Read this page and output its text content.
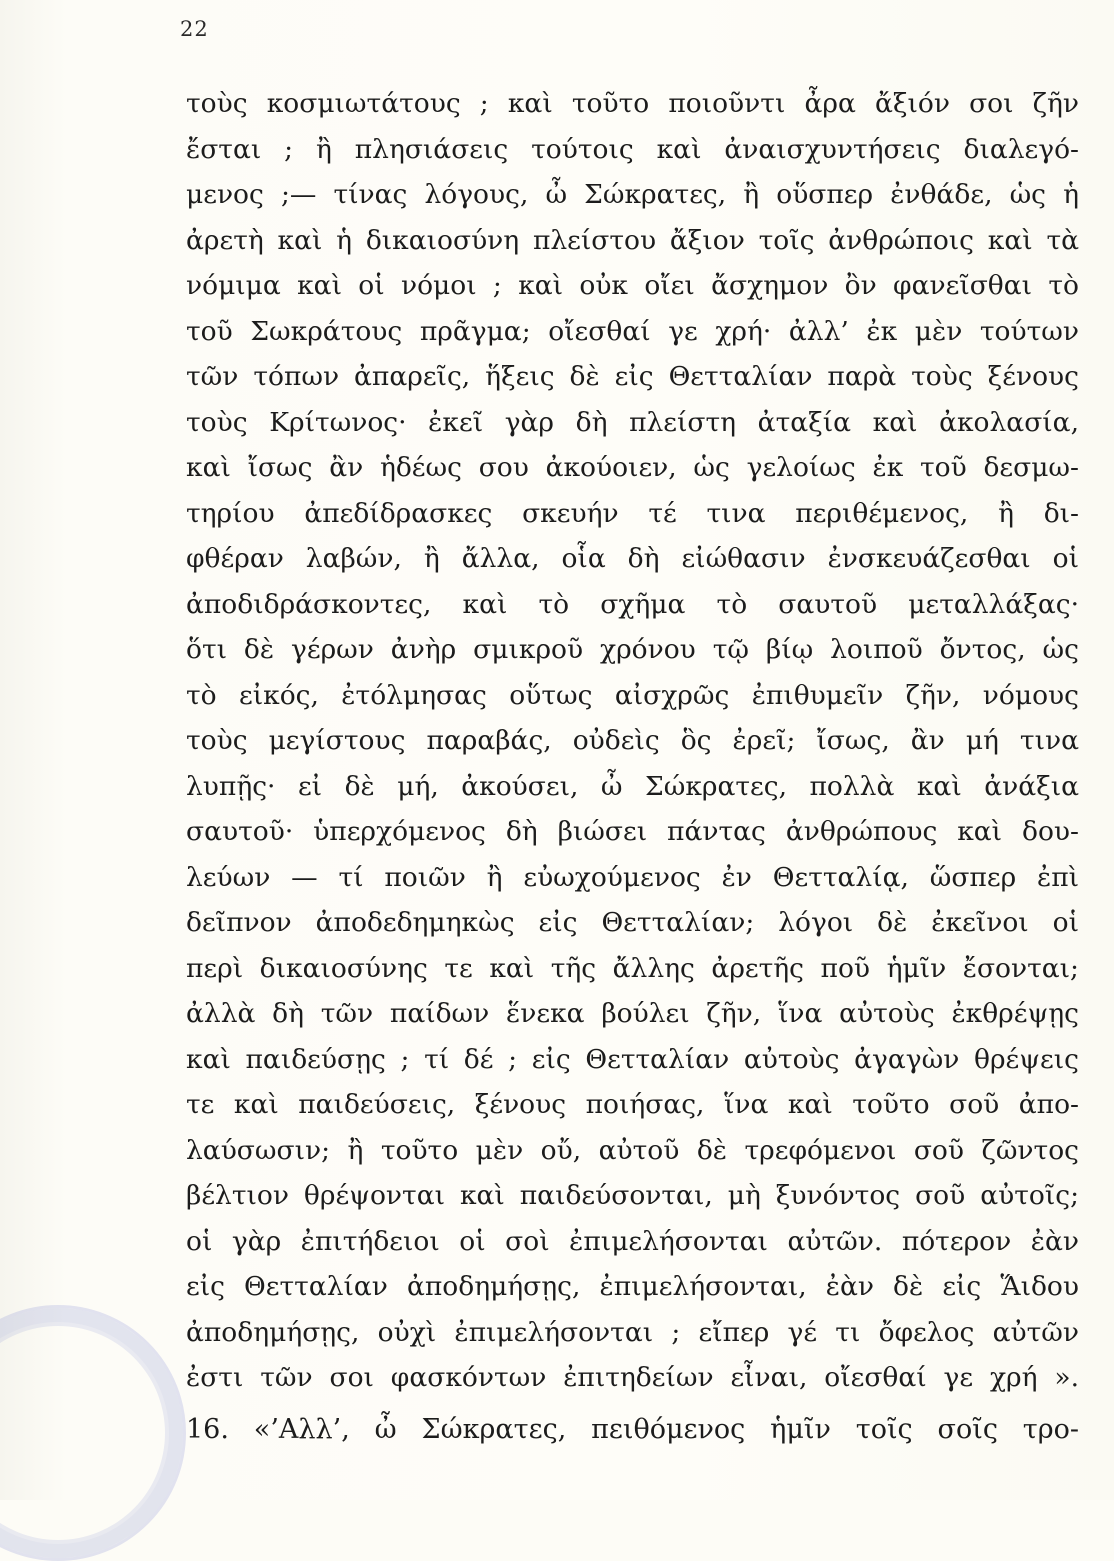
22
τοὺς κοσμιωτάτους ; καὶ τοῦτο ποιοῦντι ἆρα ἄξιόν σοι ζῆν
ἔσται ; ἢ πλησιάσεις τούτοις καὶ ἀναισχυντήσεις διαλεγό-
μενος ;— τίνας λόγους, ὦ Σώκρατες, ἢ οὕσπερ ἐνθάδε, ὡς ἡ
ἀρετὴ καὶ ἡ δικαιοσύνη πλείστου ἄξιον τοῖς ἀνθρώποις καὶ τὰ
νόμιμα καὶ οἱ νόμοι ; καὶ οὐκ οἴει ἄσχημον ὂν φανεῖσθαι τὸ
τοῦ Σωκράτους πρᾶγμα; οἴεσθαί γε χρή· ἀλλ’ ἐκ μὲν τούτων
τῶν τόπων ἀπαρεῖς, ἥξεις δὲ εἰς Θετταλίαν παρὰ τοὺς ξένους
τοὺς Κρίτωνος· ἐκεῖ γὰρ δὴ πλείστη ἀταξία καὶ ἀκολασία,
καὶ ἴσως ἂν ἡδέως σου ἀκούοιεν, ὡς γελοίως ἐκ τοῦ δεσμω-
τηρίου ἀπεδίδρασκες σκευήν τέ τινα περιθέμενος, ἢ δι-
φθέραν λαβών, ἢ ἄλλα, οἷα δὴ εἰώθασιν ἐνσκευάζεσθαι οἱ
ἀποδιδράσκοντες, καὶ τὸ σχῆμα τὸ σαυτοῦ μεταλλάξας·
ὅτι δὲ γέρων ἀνὴρ σμικροῦ χρόνου τῷ βίῳ λοιποῦ ὄντος, ὡς
τὸ εἰκός, ἐτόλμησας οὕτως αἰσχρῶς ἐπιθυμεῖν ζῆν, νόμους
τοὺς μεγίστους παραβάς, οὐδεὶς ὃς ἐρεῖ; ἴσως, ἂν μή τινα
λυπῇς· εἰ δὲ μή, ἀκούσει, ὦ Σώκρατες, πολλὰ καὶ ἀνάξια
σαυτοῦ· ὑπερχόμενος δὴ βιώσει πάντας ἀνθρώπους καὶ δου-
λεύων — τί ποιῶν ἢ εὐωχούμενος ἐν Θετταλίᾳ, ὥσπερ ἐπὶ
δεῖπνον ἀποδεδημηκὼς εἰς Θετταλίαν; λόγοι δὲ ἐκεῖνοι οἱ
περὶ δικαιοσύνης τε καὶ τῆς ἄλλης ἀρετῆς ποῦ ἡμῖν ἔσονται;
ἀλλὰ δὴ τῶν παίδων ἕνεκα βούλει ζῆν, ἵνα αὐτοὺς ἐκθρέψῃς
καὶ παιδεύσῃς ; τί δέ ; εἰς Θετταλίαν αὐτοὺς ἀγαγὼν θρέψεις
τε καὶ παιδεύσεις, ξένους ποιήσας, ἵνα καὶ τοῦτο σοῦ ἀπο-
λαύσωσιν; ἢ τοῦτο μὲν οὔ, αὐτοῦ δὲ τρεφόμενοι σοῦ ζῶντος
βέλτιον θρέψονται καὶ παιδεύσονται, μὴ ξυνόντος σοῦ αὐτοῖς;
οἱ γὰρ ἐπιτήδειοι οἱ σοὶ ἐπιμελήσονται αὐτῶν. πότερον ἐὰν
εἰς Θετταλίαν ἀποδημήσῃς, ἐπιμελήσονται, ἐὰν δὲ εἰς Ἅιδου
ἀποδημήσῃς, οὐχὶ ἐπιμελήσονται ; εἴπερ γέ τι ὄφελος αὐτῶν
ἐστι τῶν σοι φασκόντων ἐπιτηδείων εἶναι, οἴεσθαί γε χρή ».
16. «’Αλλ’, ὦ Σώκρατες, πειθόμενος ἡμῖν τοῖς σοῖς τρο-
